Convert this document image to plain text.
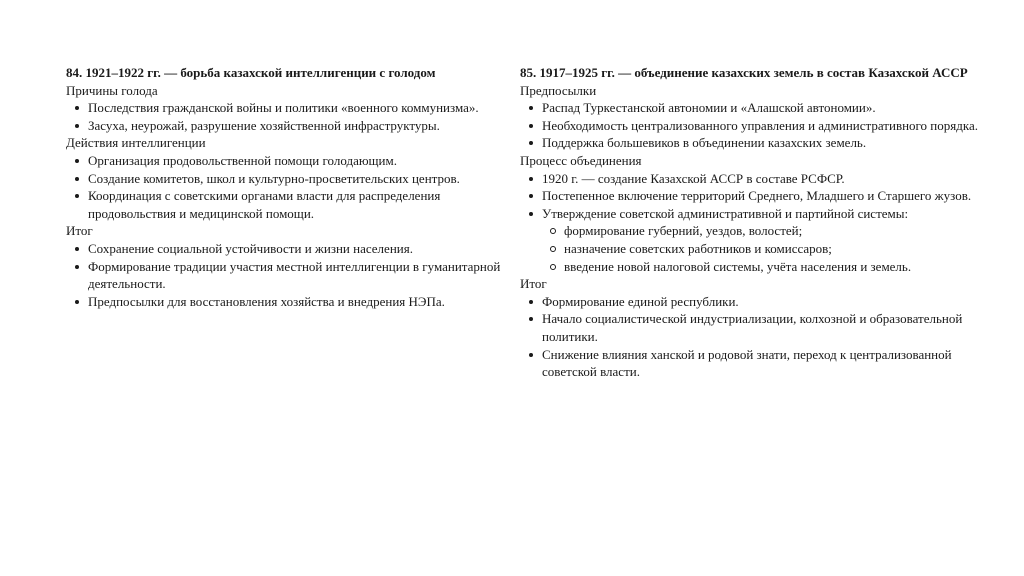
84. 1921–1922 гг. — борьба казахской интеллигенции с голодом
Причины голода
Последствия гражданской войны и политики «военного коммунизма».
Засуха, неурожай, разрушение хозяйственной инфраструктуры.
Действия интеллигенции
Организация продовольственной помощи голодающим.
Создание комитетов, школ и культурно-просветительских центров.
Координация с советскими органами власти для распределения продовольствия и медицинской помощи.
Итог
Сохранение социальной устойчивости и жизни населения.
Формирование традиции участия местной интеллигенции в гуманитарной деятельности.
Предпосылки для восстановления хозяйства и внедрения НЭПа.
85. 1917–1925 гг. — объединение казахских земель в состав Казахской АССР
Предпосылки
Распад Туркестанской автономии и «Алашской автономии».
Необходимость централизованного управления и административного порядка.
Поддержка большевиков в объединении казахских земель.
Процесс объединения
1920 г. — создание Казахской АССР в составе РСФСР.
Постепенное включение территорий Среднего, Младшего и Старшего жузов.
Утверждение советской административной и партийной системы:
формирование губерний, уездов, волостей;
назначение советских работников и комиссаров;
введение новой налоговой системы, учёта населения и земель.
Итог
Формирование единой республики.
Начало социалистической индустриализации, колхозной и образовательной политики.
Снижение влияния ханской и родовой знати, переход к централизованной советской власти.
